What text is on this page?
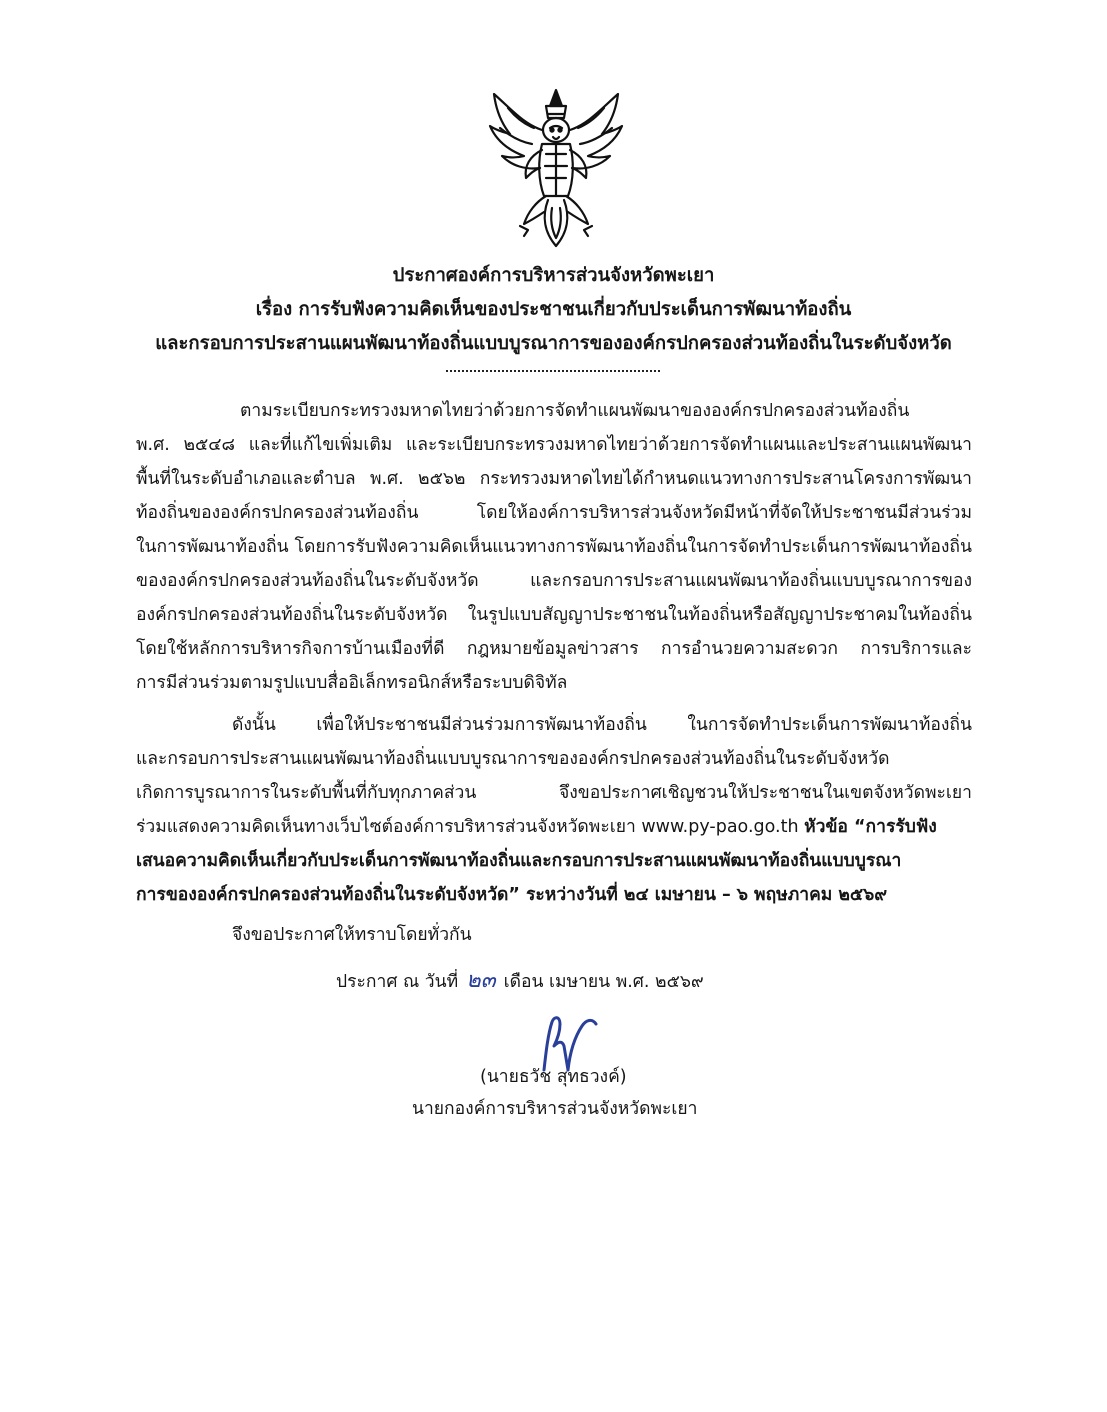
ประกาศองค์การบริหารส่วนจังหวัดพะเยา
เรื่อง การรับฟังความคิดเห็นของประชาชนเกี่ยวกับประเด็นการพัฒนาท้องถิ่น
และกรอบการประสานแผนพัฒนาท้องถิ่นแบบบูรณาการขององค์กรปกครองส่วนท้องถิ่นในระดับจังหวัด
ตามระเบียบกระทรวงมหาดไทยว่าด้วยการจัดทำแผนพัฒนาขององค์กรปกครองส่วนท้องถิ่น
พ.ศ. ๒๕๔๘ และที่แก้ไขเพิ่มเติม และระเบียบกระทรวงมหาดไทยว่าด้วยการจัดทำแผนและประสานแผนพัฒนา
พื้นที่ในระดับอำเภอและตำบล พ.ศ. ๒๕๖๒ กระทรวงมหาดไทยได้กำหนดแนวทางการประสานโครงการพัฒนา
ท้องถิ่นขององค์กรปกครองส่วนท้องถิ่น โดยให้องค์การบริหารส่วนจังหวัดมีหน้าที่จัดให้ประชาชนมีส่วนร่วม
ในการพัฒนาท้องถิ่น โดยการรับฟังความคิดเห็นแนวทางการพัฒนาท้องถิ่นในการจัดทำประเด็นการพัฒนาท้องถิ่น
ขององค์กรปกครองส่วนท้องถิ่นในระดับจังหวัด และกรอบการประสานแผนพัฒนาท้องถิ่นแบบบูรณาการของ
องค์กรปกครองส่วนท้องถิ่นในระดับจังหวัด ในรูปแบบสัญญาประชาชนในท้องถิ่นหรือสัญญาประชาคมในท้องถิ่น
โดยใช้หลักการบริหารกิจการบ้านเมืองที่ดี กฎหมายข้อมูลข่าวสาร การอำนวยความสะดวก การบริการและ
การมีส่วนร่วมตามรูปแบบสื่ออิเล็กทรอนิกส์หรือระบบดิจิทัล
ดังนั้น เพื่อให้ประชาชนมีส่วนร่วมการพัฒนาท้องถิ่น ในการจัดทำประเด็นการพัฒนาท้องถิ่น
และกรอบการประสานแผนพัฒนาท้องถิ่นแบบบูรณาการขององค์กรปกครองส่วนท้องถิ่นในระดับจังหวัด
เกิดการบูรณาการในระดับพื้นที่กับทุกภาคส่วน จึงขอประกาศเชิญชวนให้ประชาชนในเขตจังหวัดพะเยา
ร่วมแสดงความคิดเห็นทางเว็บไซต์องค์การบริหารส่วนจังหวัดพะเยา www.py-pao.go.th หัวข้อ “การรับฟัง
เสนอความคิดเห็นเกี่ยวกับประเด็นการพัฒนาท้องถิ่นและกรอบการประสานแผนพัฒนาท้องถิ่นแบบบูรณา
การขององค์กรปกครองส่วนท้องถิ่นในระดับจังหวัด” ระหว่างวันที่ ๒๔ เมษายน – ๖ พฤษภาคม ๒๕๖๙
จึงขอประกาศให้ทราบโดยทั่วกัน
ประกาศ ณ วันที่ ๒๓ เดือน เมษายน พ.ศ. ๒๕๖๙
(นายธวัช สุทธวงค์)
นายกองค์การบริหารส่วนจังหวัดพะเยา
